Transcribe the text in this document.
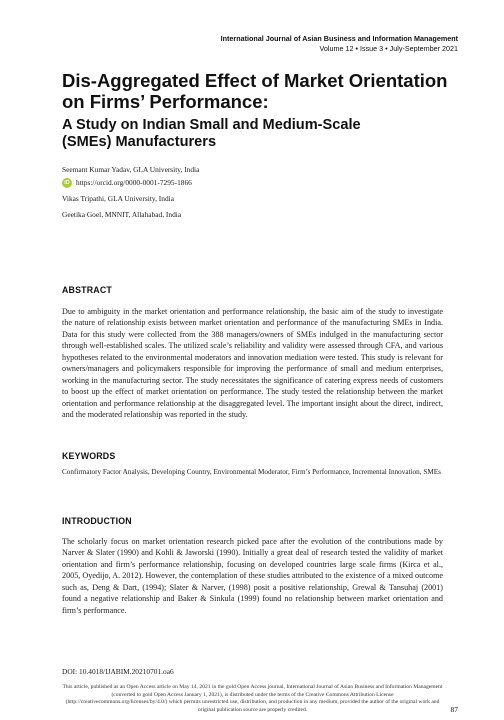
International Journal of Asian Business and Information Management
Volume 12 • Issue 3 • July-September 2021
Dis-Aggregated Effect of Market Orientation on Firms’ Performance:
A Study on Indian Small and Medium-Scale (SMEs) Manufacturers
Seemant Kumar Yadav, GLA University, India
iD https://orcid.org/0000-0001-7295-1866
Vikas Tripathi, GLA University, India
Geetika Goel, MNNIT, Allahabad, India
ABSTRACT
Due to ambiguity in the market orientation and performance relationship, the basic aim of the study to investigate the nature of relationship exists between market orientation and performance of the manufacturing SMEs in India. Data for this study were collected from the 388 managers/owners of SMEs indulged in the manufacturing sector through well-established scales. The utilized scale’s reliability and validity were assessed through CFA, and various hypotheses related to the environmental moderators and innovation mediation were tested. This study is relevant for owners/managers and policymakers responsible for improving the performance of small and medium enterprises, working in the manufacturing sector. The study necessitates the significance of catering express needs of customers to boost up the effect of market orientation on performance. The study tested the relationship between the market orientation and performance relationship at the disaggregated level. The important insight about the direct, indirect, and the moderated relationship was reported in the study.
KEYWORDS
Confirmatory Factor Analysis, Developing Country, Environmental Moderator, Firm’s Performance, Incremental Innovation, SMEs
INTRODUCTION
The scholarly focus on market orientation research picked pace after the evolution of the contributions made by Narver & Slater (1990) and Kohli & Jaworski (1990). Initially a great deal of research tested the validity of market orientation and firm’s performance relationship, focusing on developed countries large scale firms (Kirca et al., 2005, Oyedijo, A. 2012). However, the contemplation of these studies attributed to the existence of a mixed outcome such as, Deng & Dart, (1994); Slater & Narver, (1998) posit a positive relationship, Grewal & Tansuhaj (2001) found a negative relationship and Baker & Sinkula (1999) found no relationship between market orientation and firm’s performance.
DOI: 10.4018/IJABIM.20210701.oa6
This article, published as an Open Access article on May 14, 2021 in the gold Open Access journal, International Journal of Asian Business and Information Management (converted to gold Open Access January 1, 2021), is distributed under the terms of the Creative Commons Attribution License (http://creativecommons.org/licenses/by/4.0/) which permits unrestricted use, distribution, and production in any medium, provided the author of the original work and original publication source are properly credited.	87
